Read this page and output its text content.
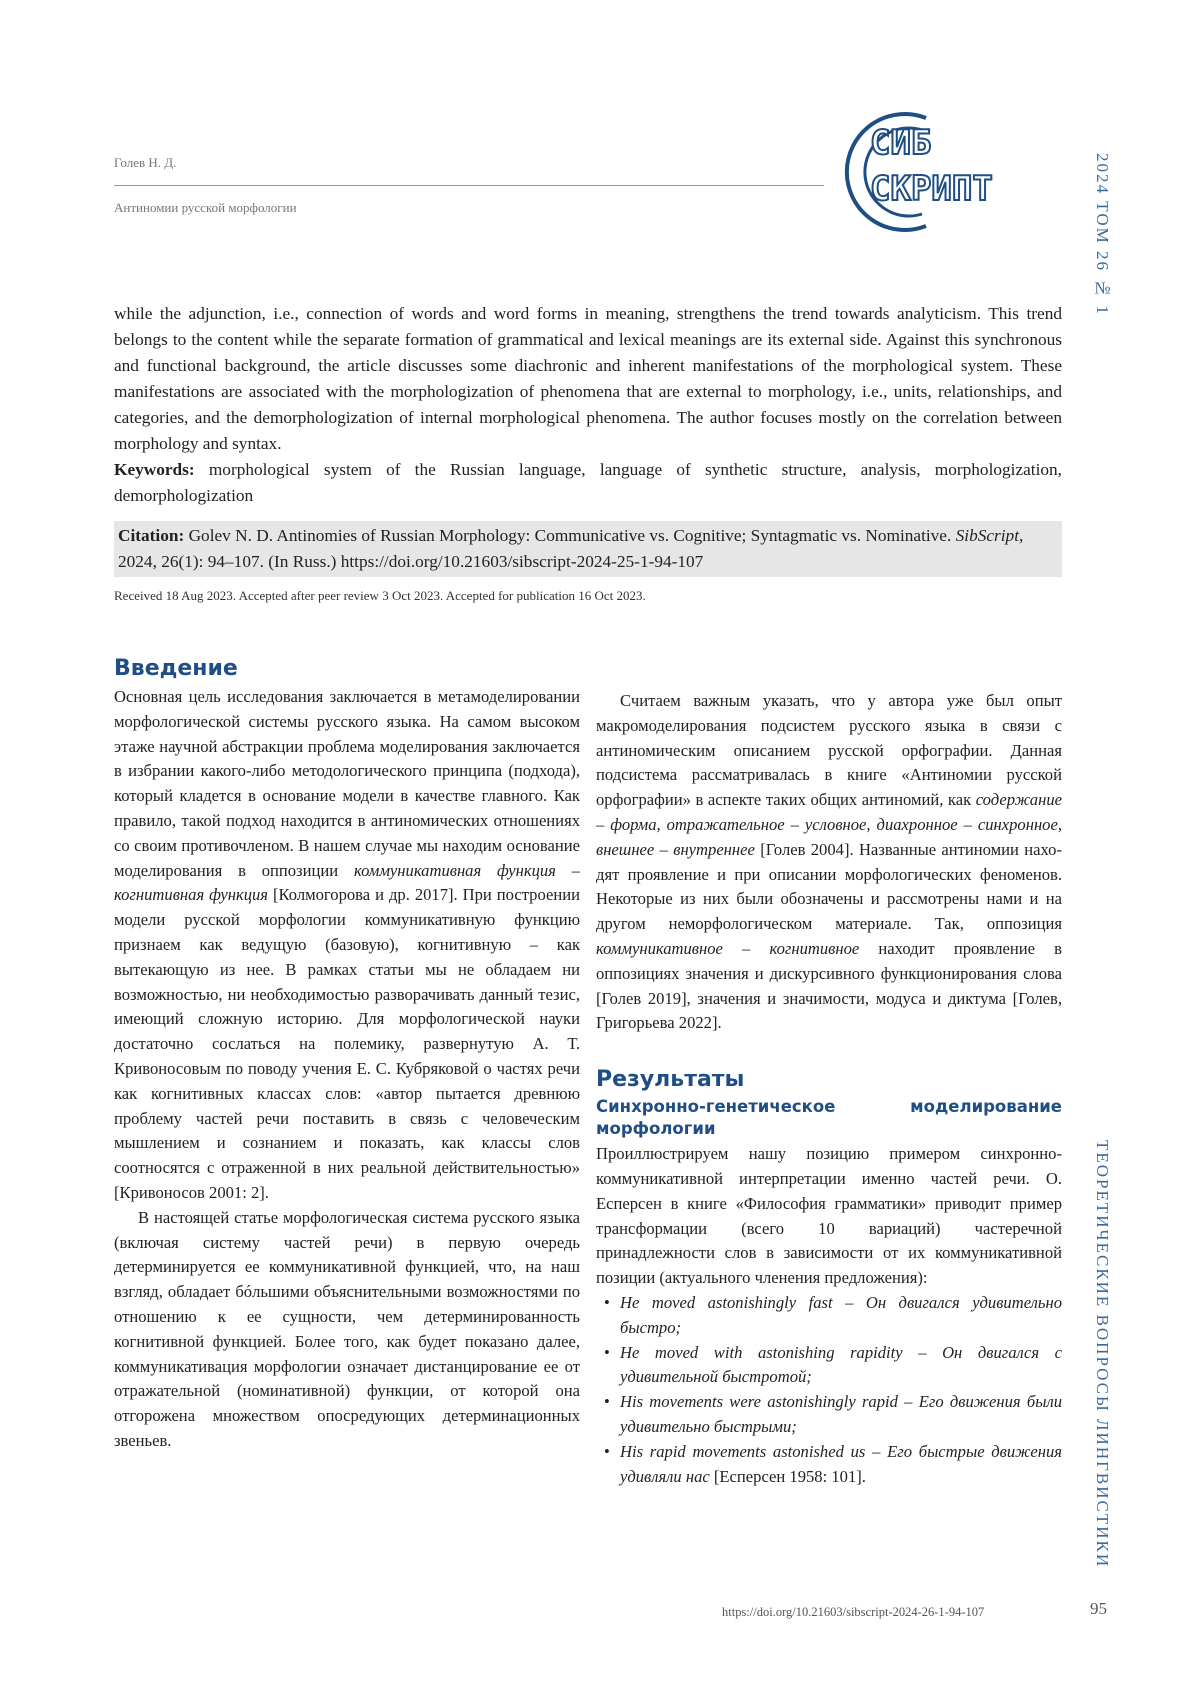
Голев Н. Д.
Антиномии русской морфологии
СИБ
СКРИПТ	2024 ТОМ 26 № 1
ТЕОРЕТИЧЕСКИЕ ВОПРОСЫ ЛИНГВИСТИКИ

while the adjunction, i.e., connection of words and word forms in meaning, strengthens the trend towards analyticism. This trend belongs to the content while the separate formation of grammatical and lexical meanings are its external side. Against this synchronous and functional background, the article discusses some diachronic and inherent manifestations of the morphological system. These manifestations are associated with the morphologization of phenomena that are external to morphology, i.e., units, relationships, and categories, and the demorphologization of internal morphological phenomena. The author focuses mostly on the correlation between morphology and syntax.

Keywords: morphological system of the Russian language, language of synthetic structure, analysis, morphologization, demorphologization

Citation: Golev N. D. Antinomies of Russian Morphology: Communicative vs. Cognitive; Syntagmatic vs. Nominative. SibScript, 2024, 26(1): 94–107. (In Russ.) https://doi.org/10.21603/sibscript-2024-25-1-94-107
Received 18 Aug 2023. Accepted after peer review 3 Oct 2023. Accepted for publication 16 Oct 2023.
Введение

Основная цель исследования заключается в метамоделировании морфологической системы русского языка. На самом высоком этаже научной абстракции проблема моделирования заключается в избрании какого-либо методологического принципа (подхода), который кладется в основание модели в качестве главного. Как правило, такой подход находится в антиномических отношениях со своим противочленом. В нашем случае мы находим основание моделирования в оппозиции коммуникативная функция – когнитивная функция [Колмогорова и др. 2017]. При построении модели русской морфологии коммуникативную функцию признаем как ведущую (базовую), когнитивную – как вытекающую из нее. В рамках статьи мы не обладаем ни возможностью, ни необходимостью разворачивать данный тезис, имеющий сложную историю. Для морфологической науки достаточно сослаться на полемику, развернутую А. Т. Кривоносовым по поводу учения Е. С. Кубряковой о частях речи как когнитивных классах слов: «автор пытается древнюю проблему частей речи поставить в связь с человеческим мышлением и сознанием и показать, как классы слов соотносятся с отраженной в них реальной действительностью» [Кривоносов 2001: 2].

В настоящей статье морфологическая система русского языка (включая систему частей речи) в первую очередь детерминируется ее коммуникативной функцией, что, на наш взгляд, обладает бóльшими объяснительными возможностями по отношению к ее сущности, чем детерминированность когнитивной функцией. Более того, как будет показано далее, коммуникативация морфологии означает дистанцирование ее от отражательной (номинативной) функции, от которой она отгорожена множеством опосредующих детерминационных звеньев.

Считаем важным указать, что у автора уже был опыт макромоделирования подсистем русского языка в связи с антиномическим описанием русской орфографии. Данная подсистема рассматривалась в книге «Антиномии русской орфографии» в аспекте таких общих антиномий, как содержание – форма, отражательное – условное, диахронное – синхронное, внешнее – внутреннее [Голев 2004]. Названные антиномии находят проявление и при описании морфологических феноменов. Некоторые из них были обозначены и рассмотрены нами и на другом неморфологическом материале. Так, оппозиция коммуникативное – когнитивное находит проявление в оппозициях значения и дискурсивного функционирования слова [Голев 2019], значения и значимости, модуса и диктума [Голев, Григорьева 2022].

Результаты
Синхронно-генетическое моделирование морфологии

Проиллюстрируем нашу позицию примером синхронно-коммуникативной интерпретации именно частей речи. О. Есперсен в книге «Философия грамматики» приводит пример трансформации (всего 10 вариаций) частеречной принадлежности слов в зависимости от их коммуникативной позиции (актуального членения предложения):

• He moved astonishingly fast – Он двигался удивительно быстро;
• He moved with astonishing rapidity – Он двигался с удивительной быстротой;
• His movements were astonishingly rapid – Его движения были удивительно быстрыми;
• His rapid movements astonished us – Его быстрые движения удивляли нас [Есперсен 1958: 101].
https://doi.org/10.21603/sibscript-2024-26-1-94-107	95
